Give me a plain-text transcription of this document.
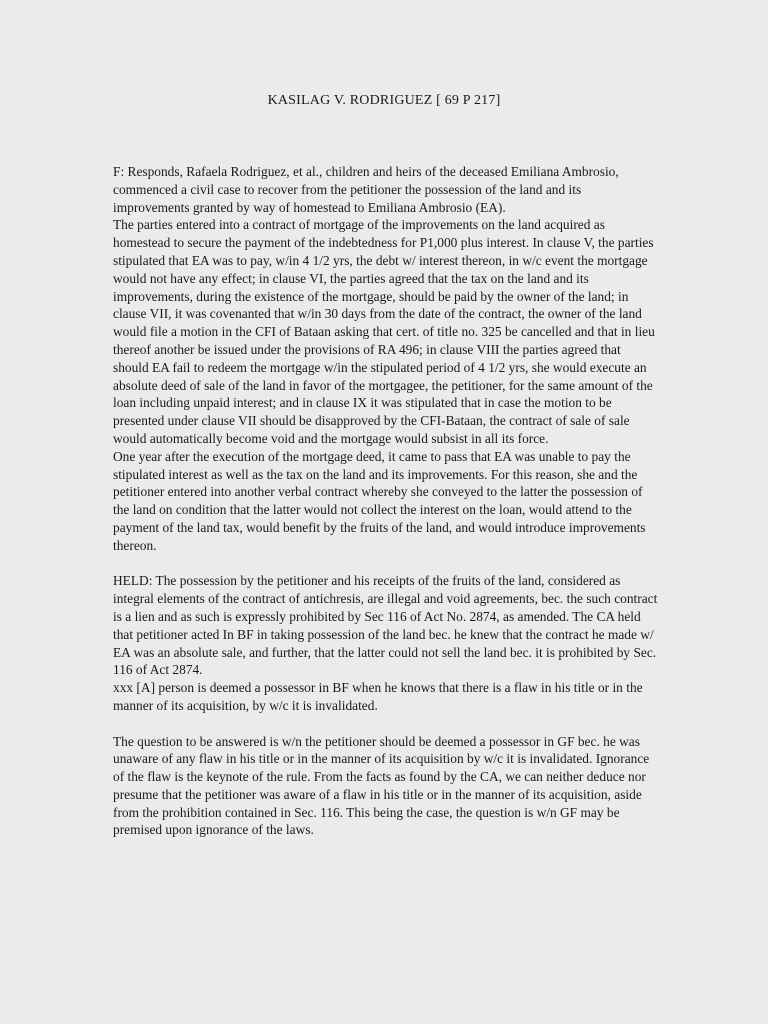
KASILAG V. RODRIGUEZ [ 69 P 217]

F: Responds, Rafaela Rodriguez, et al., children and heirs of the deceased Emiliana Ambrosio, commenced a civil case to recover from the petitioner the possession of the land and its improvements granted by way of homestead to Emiliana Ambrosio (EA).

The parties entered into a contract of mortgage of the improvements on the land acquired as homestead to secure the payment of the indebtedness for P1,000 plus interest. In clause V, the parties stipulated that EA was to pay, w/in 4 1/2 yrs, the debt w/ interest thereon, in w/c event the mortgage would not have any effect; in clause VI, the parties agreed that the tax on the land and its improvements, during the existence of the mortgage, should be paid by the owner of the land; in clause VII, it was covenanted that w/in 30 days from the date of the contract, the owner of the land would file a motion in the CFI of Bataan asking that cert. of title no. 325 be cancelled and that in lieu thereof another be issued under the provisions of RA 496; in clause VIII the parties agreed that should EA fail to redeem the mortgage w/in the stipulated period of 4 1/2 yrs, she would execute an absolute deed of sale of the land in favor of the mortgagee, the petitioner, for the same amount of the loan including unpaid interest; and in clause IX it was stipulated that in case the motion to be presented under clause VII should be disapproved by the CFI-Bataan, the contract of sale of sale would automatically become void and the mortgage would subsist in all its force.

One year after the execution of the mortgage deed, it came to pass that EA was unable to pay the stipulated interest as well as the tax on the land and its improvements. For this reason, she and the petitioner entered into another verbal contract whereby she conveyed to the latter the possession of the land on condition that the latter would not collect the interest on the loan, would attend to the payment of the land tax, would benefit by the fruits of the land, and would introduce improvements thereon.

HELD: The possession by the petitioner and his receipts of the fruits of the land, considered as integral elements of the contract of antichresis, are illegal and void agreements, bec. the such contract is a lien and as such is expressly prohibited by Sec 116 of Act No. 2874, as amended. The CA held that petitioner acted In BF in taking possession of the land bec. he knew that the contract he made w/ EA was an absolute sale, and further, that the latter could not sell the land bec. it is prohibited by Sec. 116 of Act 2874.

xxx [A] person is deemed a possessor in BF when he knows that there is a flaw in his title or in the manner of its acquisition, by w/c it is invalidated.

The question to be answered is w/n the petitioner should be deemed a possessor in GF bec. he was unaware of any flaw in his title or in the manner of its acquisition by w/c it is invalidated. Ignorance of the flaw is the keynote of the rule. From the facts as found by the CA, we can neither deduce nor presume that the petitioner was aware of a flaw in his title or in the manner of its acquisition, aside from the prohibition contained in Sec. 116. This being the case, the question is w/n GF may be premised upon ignorance of the laws.
